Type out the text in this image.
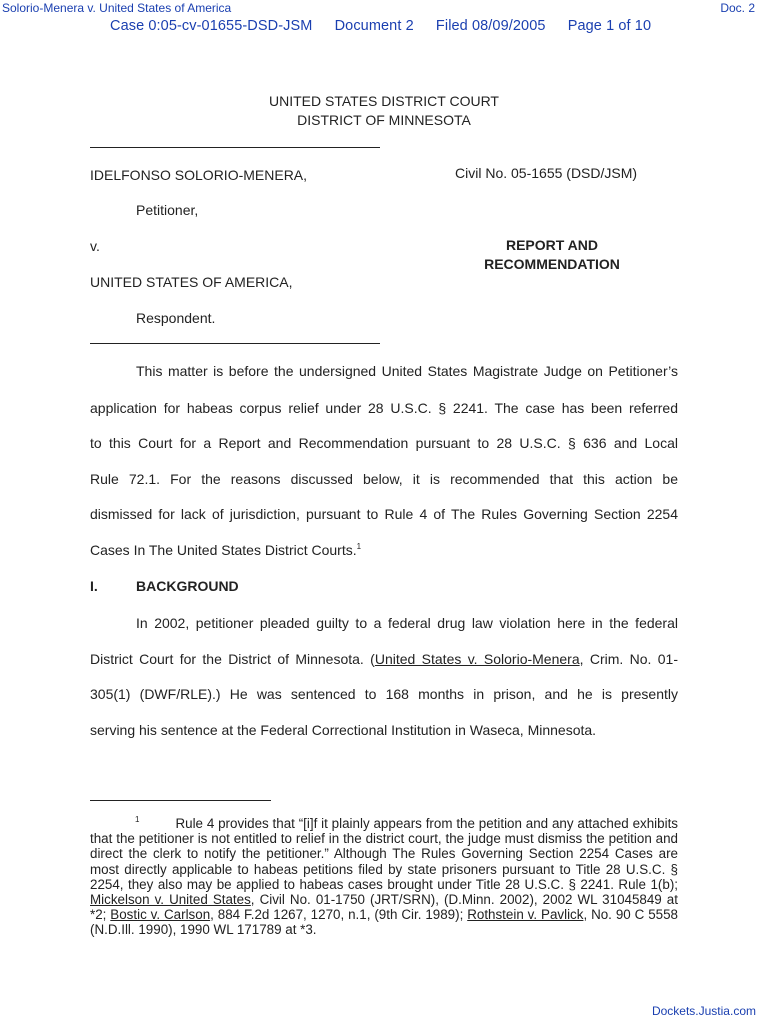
Solorio-Menera v. United States of America	Doc. 2
Case 0:05-cv-01655-DSD-JSM Document 2 Filed 08/09/2005 Page 1 of 10
UNITED STATES DISTRICT COURT
DISTRICT OF MINNESOTA
IDELFONSO SOLORIO-MENERA,	Civil No. 05-1655 (DSD/JSM)
Petitioner,
v.	REPORT AND
RECOMMENDATION
UNITED STATES OF AMERICA,
Respondent.
This matter is before the undersigned United States Magistrate Judge on Petitioner’s
application for habeas corpus relief under 28 U.S.C. § 2241. The case has been referred
to this Court for a Report and Recommendation pursuant to 28 U.S.C. § 636 and Local
Rule 72.1. For the reasons discussed below, it is recommended that this action be
dismissed for lack of jurisdiction, pursuant to Rule 4 of The Rules Governing Section 2254
Cases In The United States District Courts.$^1$
I.	BACKGROUND
In 2002, petitioner pleaded guilty to a federal drug law violation here in the federal
District Court for the District of Minnesota. (United States v. Solorio-Menera, Crim. No. 01-
305(1) (DWF/RLE).) He was sentenced to 168 months in prison, and he is presently
serving his sentence at the Federal Correctional Institution in Waseca, Minnesota.
$^1$	Rule 4 provides that “[i]f it plainly appears from the petition and any attached exhibits that the petitioner is not entitled to relief in the district court, the judge must dismiss the petition and direct the clerk to notify the petitioner.” Although The Rules Governing Section 2254 Cases are most directly applicable to habeas petitions filed by state prisoners pursuant to Title 28 U.S.C. § 2254, they also may be applied to habeas cases brought under Title 28 U.S.C. § 2241. Rule 1(b); Mickelson v. United States, Civil No. 01-1750 (JRT/SRN), (D.Minn. 2002), 2002 WL 31045849 at *2; Bostic v. Carlson, 884 F.2d 1267, 1270, n.1, (9th Cir. 1989); Rothstein v. Pavlick, No. 90 C 5558 (N.D.Ill. 1990), 1990 WL 171789 at *3.
Dockets.Justia.com
